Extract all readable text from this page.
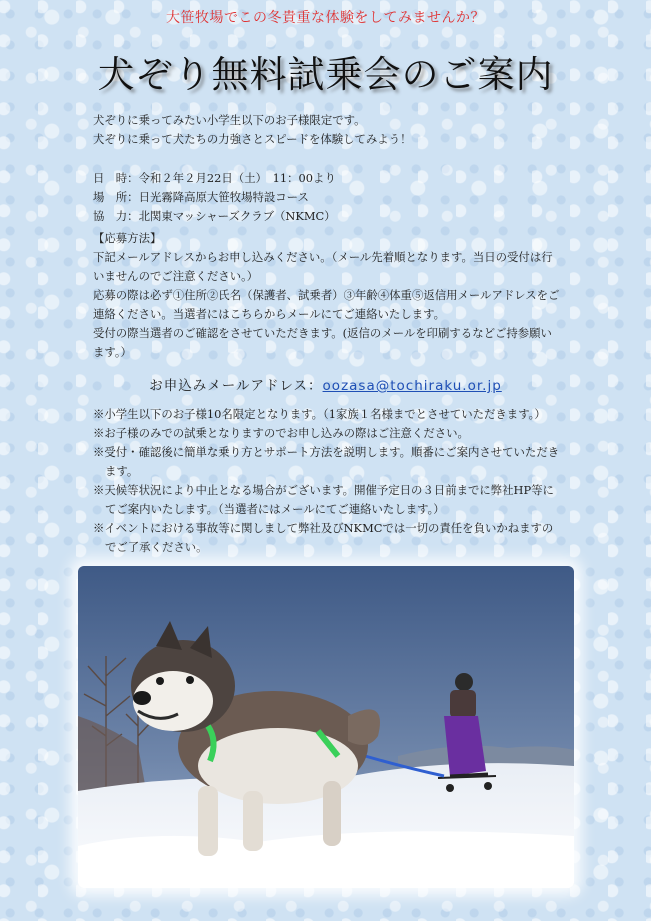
大笹牧場でこの冬貴重な体験をしてみませんか？
犬ぞり無料試乗会のご案内
犬ぞりに乗ってみたい小学生以下のお子様限定です。
犬ぞりに乗って犬たちの力強さとスピードを体験してみよう！
日　時：令和２年２月22日（土）　11：00より
場　所：日光霧降高原大笹牧場特設コース
協　力：北関東マッシャーズクラブ（NKMC）

【応募方法】

下記メールアドレスからお申し込みください。（メール先着順となります。当日の受付は行いませんのでご注意ください。）

応募の際は必ず①住所②氏名（保護者、試乗者）③年齢④体重⑤返信用メールアドレスをご連絡ください。当選者にはこちらからメールにてご連絡いたします。

受付の際当選者のご確認をさせていただきます。(返信のメールを印刷するなどご持参願います。）

お申込みメールアドレス：oozasa@tochiraku.or.jp
※小学生以下のお子様10名限定となります。（1家族１名様までとさせていただきます。）
※お子様のみでの試乗となりますのでお申し込みの際はご注意ください。
※受付・確認後に簡単な乗り方とサポート方法を説明します。順番にご案内させていただきます。
※天候等状況により中止となる場合がございます。開催予定日の３日前までに弊社HP等にてご案内いたします。（当選者にはメールにてご連絡いたします。）
※イベントにおける事故等に関しまして弊社及びNKMCでは一切の責任を負いかねますのでご了承ください。
